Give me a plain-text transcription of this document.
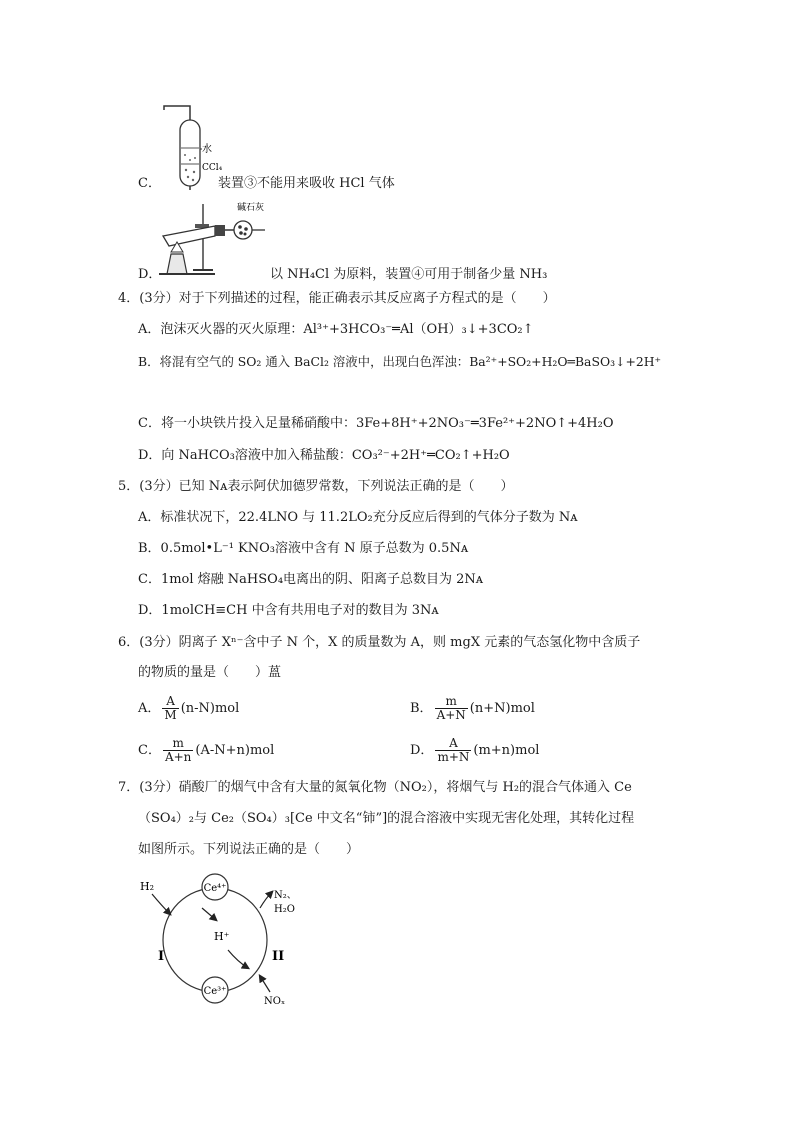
水
CCl₄
C．	装置③不能用来吸收 HCl 气体
碱石灰
D．	以 NH₄Cl 为原料，装置④可用于制备少量 NH₃
4．(3分）对于下列描述的过程，能正确表示其反应离子方程式的是（　　）
A．泡沫灭火器的灭火原理：Al³⁺+3HCO₃⁻═Al（OH）₃↓+3CO₂↑
B．将混有空气的 SO₂ 通入 BaCl₂ 溶液中，出现白色浑浊：Ba²⁺+SO₂+H₂O═BaSO₃↓+2H⁺
C．将一小块铁片投入足量稀硝酸中：3Fe+8H⁺+2NO₃⁻═3Fe²⁺+2NO↑+4H₂O
D．向 NaHCO₃溶液中加入稀盐酸：CO₃²⁻+2H⁺═CO₂↑+H₂O
5．(3分）已知 Nᴀ表示阿伏加德罗常数，下列说法正确的是（　　）
A．标准状况下，22.4LNO 与 11.2LO₂充分反应后得到的气体分子数为 Nᴀ
B．0.5mol•L⁻¹ KNO₃溶液中含有 N 原子总数为 0.5Nᴀ
C．1mol 熔融 NaHSO₄电离出的阴、阳离子总数目为 2Nᴀ
D．1molCH≡CH 中含有共用电子对的数目为 3Nᴀ
6．(3分）阴离子 Xⁿ⁻含中子 N 个，X 的质量数为 A，则 mgX 元素的气态氢化物中含质子
的物质的量是（　　）蒕
A． $\frac{A}{M} (n-N)mol$	B． $\frac{m}{A+N} (n+N)mol$
C． $\frac{m}{A+n} (A-N+n)mol$	D． $\frac{A}{m+N} (m+n)mol$
7．(3分）硝酸厂的烟气中含有大量的氮氧化物（NO₂），将烟气与 H₂的混合气体通入 Ce
（SO₄）₂与 Ce₂（SO₄）₃[Ce 中文名“铈”]的混合溶液中实现无害化处理，其转化过程
如图所示。下列说法正确的是（　　）
Ce⁴⁺
Ce³⁺
H₂
H⁺
N₂、
H₂O
NOₓ
I	II
